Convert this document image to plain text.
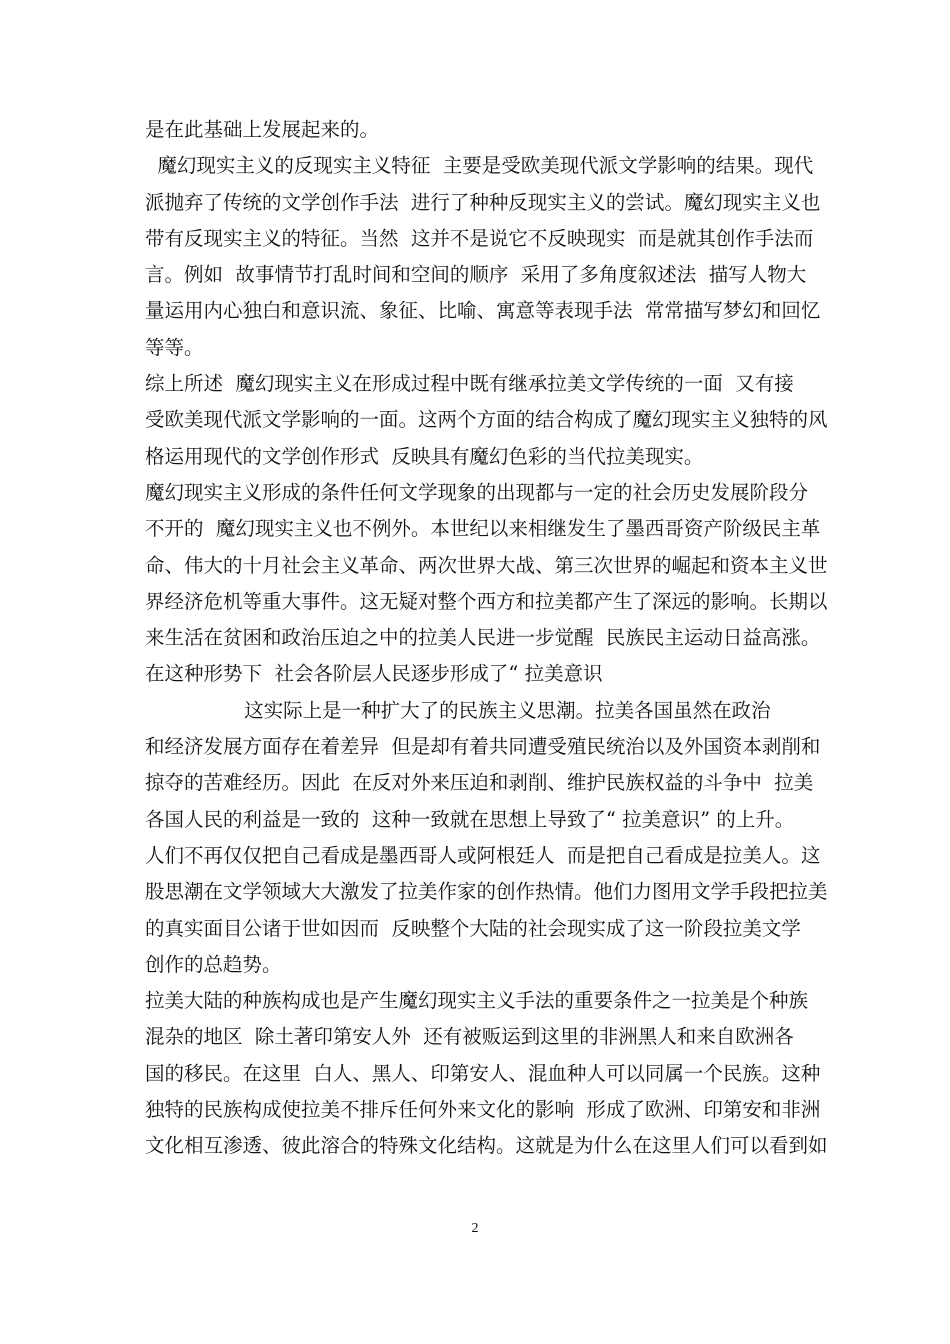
是在此基础上发展起来的。
魔幻现实主义的反现实主义特征  主要是受欧美现代派文学影响的结果。现代
派抛弃了传统的文学创作手法  进行了种种反现实主义的尝试。魔幻现实主义也
带有反现实主义的特征。当然  这并不是说它不反映现实  而是就其创作手法而
言。例如  故事情节打乱时间和空间的顺序  采用了多角度叙述法  描写人物大
量运用内心独白和意识流、象征、比喻、寓意等表现手法  常常描写梦幻和回忆
等等。
综上所述  魔幻现实主义在形成过程中既有继承拉美文学传统的一面  又有接
受欧美现代派文学影响的一面。这两个方面的结合构成了魔幻现实主义独特的风
格运用现代的文学创作形式  反映具有魔幻色彩的当代拉美现实。
魔幻现实主义形成的条件任何文学现象的出现都与一定的社会历史发展阶段分
不开的  魔幻现实主义也不例外。本世纪以来相继发生了墨西哥资产阶级民主革
命、伟大的十月社会主义革命、两次世界大战、第三次世界的崛起和资本主义世
界经济危机等重大事件。这无疑对整个西方和拉美都产生了深远的影响。长期以
来生活在贫困和政治压迫之中的拉美人民进一步觉醒  民族民主运动日益高涨。
在这种形势下  社会各阶层人民逐步形成了“ 拉美意识
这实际上是一种扩大了的民族主义思潮。拉美各国虽然在政治
和经济发展方面存在着差异  但是却有着共同遭受殖民统治以及外国资本剥削和
掠夺的苦难经历。因此  在反对外来压迫和剥削、维护民族权益的斗争中  拉美
各国人民的利益是一致的  这种一致就在思想上导致了“ 拉美意识” 的上升。
人们不再仅仅把自己看成是墨西哥人或阿根廷人  而是把自己看成是拉美人。这
股思潮在文学领域大大激发了拉美作家的创作热情。他们力图用文学手段把拉美
的真实面目公诸于世如因而  反映整个大陆的社会现实成了这一阶段拉美文学
创作的总趋势。
拉美大陆的种族构成也是产生魔幻现实主义手法的重要条件之一拉美是个种族
混杂的地区  除土著印第安人外  还有被贩运到这里的非洲黑人和来自欧洲各
国的移民。在这里  白人、黑人、印第安人、混血种人可以同属一个民族。这种
独特的民族构成使拉美不排斥任何外来文化的影响  形成了欧洲、印第安和非洲
文化相互渗透、彼此溶合的特殊文化结构。这就是为什么在这里人们可以看到如
2
